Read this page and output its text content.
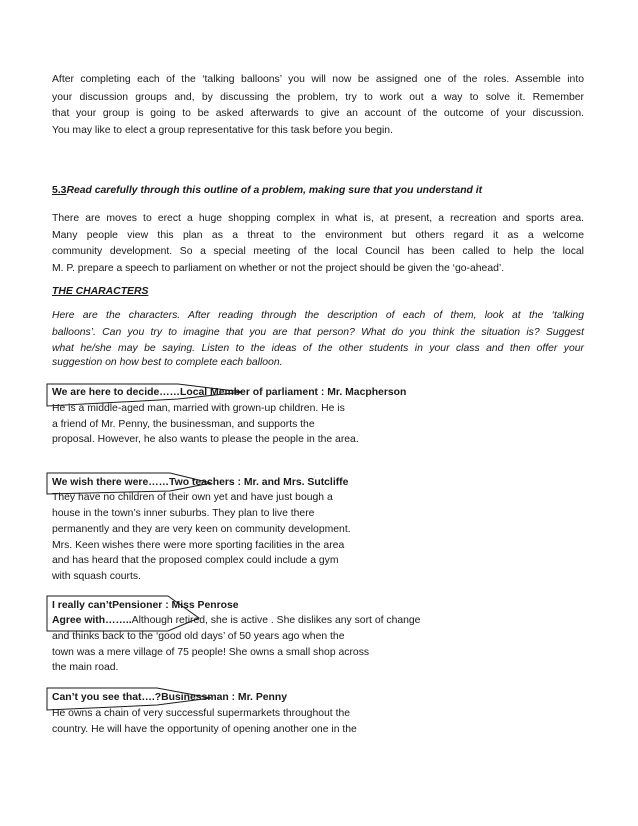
After completing each of the ‘talking balloons’ you will now be assigned one of the roles. Assemble into
your discussion groups and, by discussing the problem, try to work out a way to solve it. Remember
that your group is going to be asked afterwards to give an account of the outcome of your discussion.
You may like to elect a group representative for this task before you begin.
5.3Read carefully through this outline of a problem, making sure that you understand it
There are moves to erect a huge shopping complex in what is, at present, a recreation and sports area.
Many people view this plan as a threat to the environment but others regard it as a welcome
community development. So a special meeting of the local Council has been called to help the local
M. P. prepare a speech to parliament on whether or not the project should be given the ‘go-ahead’.
THE CHARACTERS
Here are the characters. After reading through the description of each of them, look at the ‘talking
balloons’. Can you try to imagine that you are that person? What do you think the situation is? Suggest
what he/she may be saying. Listen to the ideas of the other students in your class and then offer your
suggestion on how best to complete each balloon.
We are here to decide……Local Member of parliament : Mr. Macpherson
He is a middle-aged man, married with grown-up children. He is
a friend of Mr. Penny, the businessman, and supports the
proposal. However, he also wants to please the people in the area.
We wish there were……Two teachers : Mr. and Mrs. Sutcliffe
They have no children of their own yet and have just bough a
house in the town’s inner suburbs. They plan to live there
permanently and they are very keen on community development.
Mrs. Keen wishes there were more sporting facilities in the area
and has heard that the proposed complex could include a gym
with squash courts.
I really can’tPensioner : Miss Penrose
Agree with……..Although retired, she is active . She dislikes any sort of change
and thinks back to the ‘good old days’ of 50 years ago when the
town was a mere village of 75 people! She owns a small shop across
the main road.
Can’t you see that….?Businessman : Mr. Penny
He owns a chain of very successful supermarkets throughout the
country. He will have the opportunity of opening another one in the
